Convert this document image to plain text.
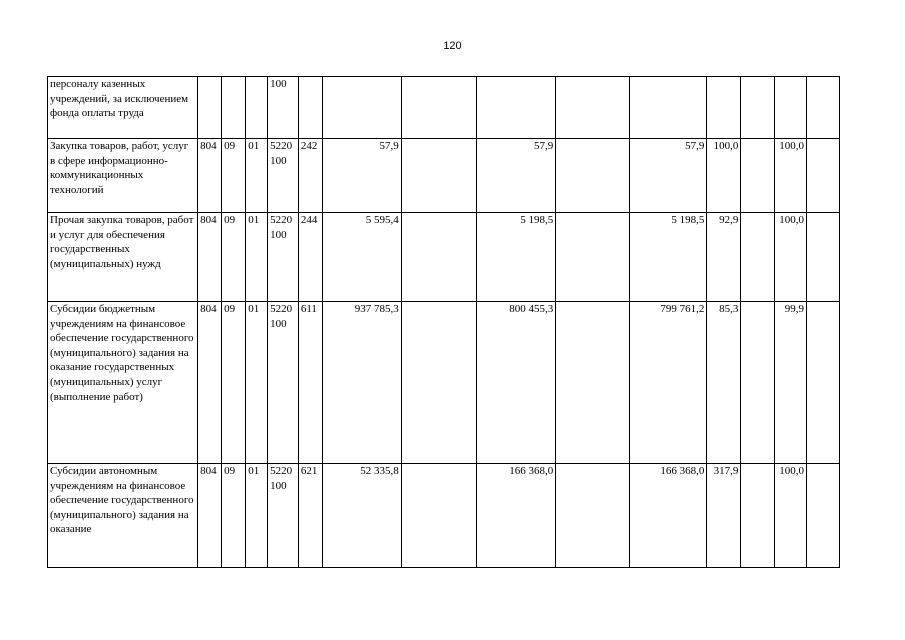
120
персоналу казенных учреждений, за исключением фонда оплаты труда				100										
Закупка товаров, работ, услуг в сфере информационно-коммуникационных технологий	804	09	01	5220 100	242	57,9		57,9		57,9	100,0		100,0	
Прочая закупка товаров, работ и услуг для обеспечения государственных (муниципальных) нужд	804	09	01	5220 100	244	5 595,4		5 198,5		5 198,5	92,9		100,0	
Субсидии бюджетным учреждениям на финансовое обеспечение государственного (муниципального) задания на оказание государственных (муниципальных) услуг (выполнение работ)	804	09	01	5220 100	611	937 785,3		800 455,3		799 761,2	85,3		99,9	
Субсидии автономным учреждениям на финансовое обеспечение государственного (муниципального) задания на оказание	804	09	01	5220 100	621	52 335,8		166 368,0		166 368,0	317,9		100,0	
